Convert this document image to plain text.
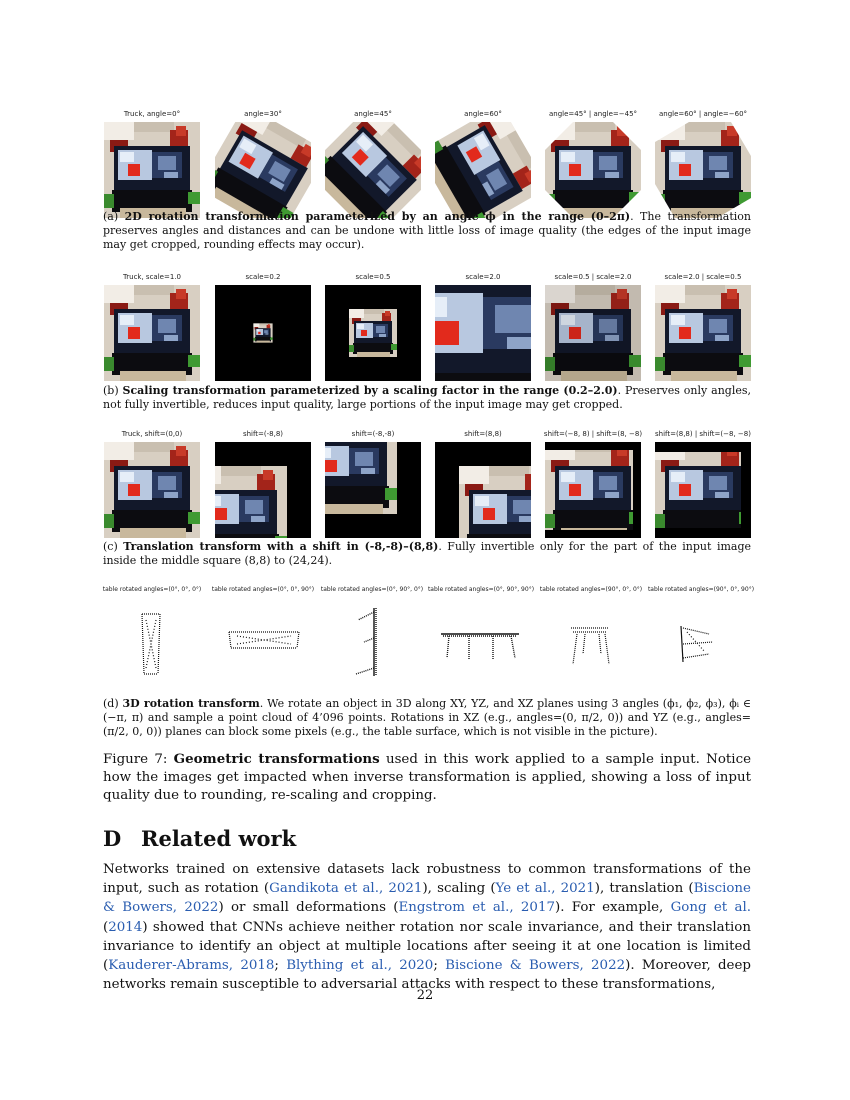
Truck, angle=0°	angle=30°	angle=45°	angle=60°	angle=45° | angle=−45°	angle=60° | angle=−60°
(a) 2D rotation transformation parameterized by an angle ϕ in the range (0–2π). The transformation preserves angles and distances and can be undone with little loss of image quality (the edges of the input image may get cropped, rounding effects may occur).
Truck, scale=1.0	scale=0.2	scale=0.5	scale=2.0	scale=0.5 | scale=2.0	scale=2.0 | scale=0.5
(b) Scaling transformation parameterized by a scaling factor in the range (0.2–2.0). Preserves only angles, not fully invertible, reduces input quality, large portions of the input image may get cropped.
Truck, shift=(0,0)	shift=(-8,8)	shift=(-8,-8)	shift=(8,8)	shift=(−8, 8) | shift=(8, −8)	shift=(8,8) | shift=(−8, −8)
(c) Translation transform with a shift in (-8,-8)–(8,8). Fully invertible only for the part of the input image inside the middle square (8,8) to (24,24).
table rotated angles=(0°, 0°, 0°)	table rotated angles=(0°, 0°, 90°)	table rotated angles=(0°, 90°, 0°) table rotated angles=(0°, 90°, 90°) table rotated angles=(90°, 0°, 0°) table rotated angles=(90°, 0°, 90°)
(d) 3D rotation transform. We rotate an object in 3D along XY, YZ, and XZ planes using 3 angles (ϕ₁, ϕ₂, ϕ₃), ϕᵢ ∈ (−π, π) and sample a point cloud of 4’096 points. Rotations in XZ (e.g., angles=(0, π/2, 0)) and YZ (e.g., angles=(π/2, 0, 0)) planes can block some pixels (e.g., the table surface, which is not visible in the picture).
Figure 7: Geometric transformations used in this work applied to a sample input. Notice how the images get impacted when inverse transformation is applied, showing a loss of input quality due to rounding, re-scaling and cropping.
D Related work
Networks trained on extensive datasets lack robustness to common transformations of the input, such as rotation (Gandikota et al., 2021), scaling (Ye et al., 2021), translation (Biscione & Bowers, 2022) or small deformations (Engstrom et al., 2017). For example, Gong et al. (2014) showed that CNNs achieve neither rotation nor scale invariance, and their translation invariance to identify an object at multiple locations after seeing it at one location is limited (Kauderer-Abrams, 2018; Blything et al., 2020; Biscione & Bowers, 2022). Moreover, deep networks remain susceptible to adversarial attacks with respect to these transformations,
22
